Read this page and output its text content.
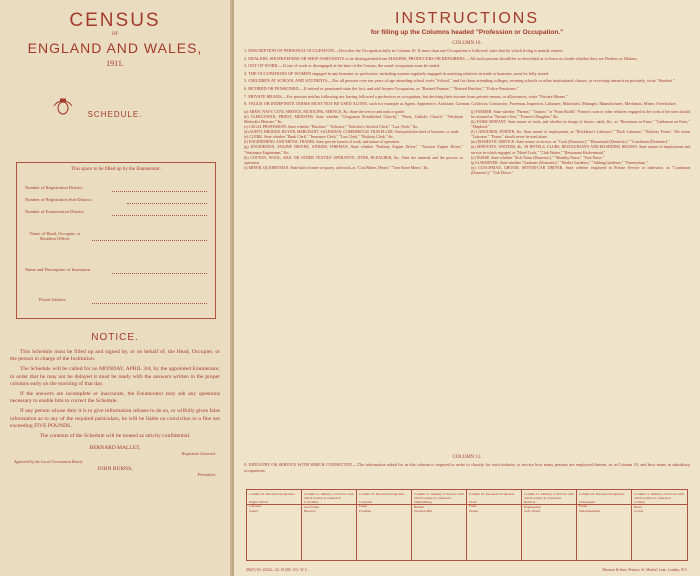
CENSUS
OF
ENGLAND AND WALES,
1911.
SCHEDULE.
This space to be filled up by the Enumerator.
Number of Registration District.
Number of Registration Sub-District.
Number of Enumeration District.
Name of Head, Occupier, or Resident Officer
Name and Description of Institution
Postal Address
NOTICE.

This Schedule must be filled up and signed by, or on behalf of, the Head, Occupier, or the person in charge of the Institution.

The Schedule will be called for on MONDAY, APRIL 3rd, by the appointed Enumerator, in order that he may not be delayed it must be ready with the answers written in the proper columns early on the morning of that day.

If the answers are incomplete or inaccurate, the Enumerator may ask any questions necessary to enable him to correct the Schedule.

If any person whose duty it is to give information refuses to do so, or wilfully gives false information as to any of the required particulars, he will be liable on conviction to a fine not exceeding FIVE POUNDS.

The contents of the Schedule will be treated as strictly confidential.

BERNARD MALLET,
Registrar-General.
Approved by the Local Government Board,
JOHN BURNS,
President.
INSTRUCTIONS
for filling up the Columns headed "Profession or Occupation."
COLUMN 10.
1. DESCRIPTION OF PERSONAL OCCUPATION.—Describe the Occupation fully in Column 10. If more than one Occupation is followed, state that by which living is mainly earned.
2. DEALERS, SHOPKEEPERS OR SHOP ASSISTANTS to be distinguished from MAKERS, PRODUCERS OR REPAIRERS.—All such persons should be so described as to leave no doubt whether they are Dealers or Makers.
3. OUT OF WORK.—If out of work or disengaged at the time of the Census, the usual occupation must be stated.
4. THE OCCUPATIONS OF WOMEN engaged in any business or profession, including women regularly engaged in assisting relatives in trade or business, must be fully stated.
5. CHILDREN AT SCHOOL AND STUDENTS.—For all persons over ten years of age attending school write "School," and for those attending colleges, evening schools or other institutional classes, or receiving instruction privately, write "Student."
6. RETIRED OR PENSIONED.—If retired or pensioned state the fact, and add former Occupation, as "Retired Farmer," "Retired Butcher," "Police Pensioner."
7. PRIVATE MEANS.—For persons neither following nor having followed a profession or occupation, but deriving their income from private means, or allowances, write "Private Means."
8. VAGUE OR INDEFINITE TERMS MUST NOT BE USED ALONE, such for example as Agent, Apprentice, Assistant, Carman, Collector, Contractor, Foreman, Inspector, Labourer, Machinist, Manager, Manufacturer, Mechanic, Miner, Overlooker.
(a) ARMY, NAVY, CIVIL SERVICE, MUNICIPAL SERVICE, &c. State the service and rank or grade.
(b) CLERGYMAN, PRIEST, MINISTER. State whether "Clergyman (Established Church)," "Priest, Catholic Church," "Wesleyan Methodist Minister," &c.
(c) LEGAL PROFESSION. State whether "Barrister," "Solicitor," "Solicitor's Articled Clerk," "Law Clerk," &c.
(d) AGENT, BROKER, BUYER, MERCHANT, SALESMAN, COMMERCIAL TRAVELLER. State particular kind of business, or trade.
(e) CLERK. State whether "Bank Clerk," "Insurance Clerk," "Law Clerk," "Railway Clerk," &c.
(f) ENGINEERING AND METAL TRADES. State precise branch of work, and nature of operation.
(g) ENGINEMAN, ENGINE DRIVER, STOKER, FIREMAN. State whether "Railway Engine Driver," "Traction Engine Driver," "Stationary Engineman," &c.
(h) COTTON, WOOL, SILK OR OTHER TEXTILE OPERATIVE, DYER, BLEACHER, &c. State the material and the process or operation.
(i) MINER, QUARRYMAN. State kind of mine or quarry, and work, as "Coal Miner, Hewer," "Iron Stone Miner," &c.
(j) FARMER. State whether "Farmer," "Grazier," or "Farm Bailiff." Farmer's sons or other relatives engaged in the work of the farm should be returned as "Farmer's Son," "Farmer's Daughter," &c.
(k) FARM SERVANT. State nature of work, and whether in charge of horses, cattle, &c., as "Horseman on Farm," "Cattleman on Farm," "Shepherd."
(l) LABOURER, PORTER, &c. State nature of employment, as "Bricklayer's Labourer," "Dock Labourer," "Railway Porter." The terms "Labourer," "Porter," should never be used alone.
(m) DOMESTIC SERVICE. State nature of service, as "Cook (Domestic)," "Housemaid (Domestic)," "Coachman (Domestic)."
(n) SERVANTS, WAITERS, &c. IN HOTELS, CLUBS, RESTAURANTS AND BOARDING HOUSES. State nature of employment and service in which engaged, as "Hotel Cook," "Club Waiter," "Restaurant Kitchenmaid."
(o) NURSE. State whether "Sick Nurse (Domestic)," "Monthly Nurse," "Sick Nurse."
(p) GARDENER. State whether "Gardener (Domestic)," "Market Gardener," "Jobbing Gardener," "Nurseryman."
(q) COACHMAN, GROOM, MOTOR-CAR DRIVER. State whether employed in Private Service or otherwise, as "Coachman (Domestic)," "Cab Driver."
COLUMN 11.
9. INDUSTRY OR SERVICE WITH WHICH CONNECTED.—The information asked for in this column is required in order to classify for each industry or service how many persons are employed therein, as in Column 10, and how many in subsidiary occupations.
Column 10. Personal Occupation.
Engine Driver
Labourer
Stoker
Column 11. Industry or Service with which worker is connected.
Coal Mine
Gas Works
Brewery
Column 10. Personal Occupation.
Carpenter
Joiner
Foreman
Column 11. Industry or Service with which worker is connected.
Shipbuilding
Builder
Woollen Mill
Column 10. Personal Occupation.
Clerk
Fitter
Packer
Column 11. Industry or Service with which worker is connected.
Railway
Engineering
Soap Works
Column 10. Personal Occupation.
Storekeeper
Porter
Warehouseman
Column 11. Industry or Service with which worker is connected.
Colliery
Hotel
Cotton
(8047) Wt. 25224—32. 10,000. 1/11. W. L.	Harrison & Sons, Printers, St. Martin's Lane, London, W.C.
